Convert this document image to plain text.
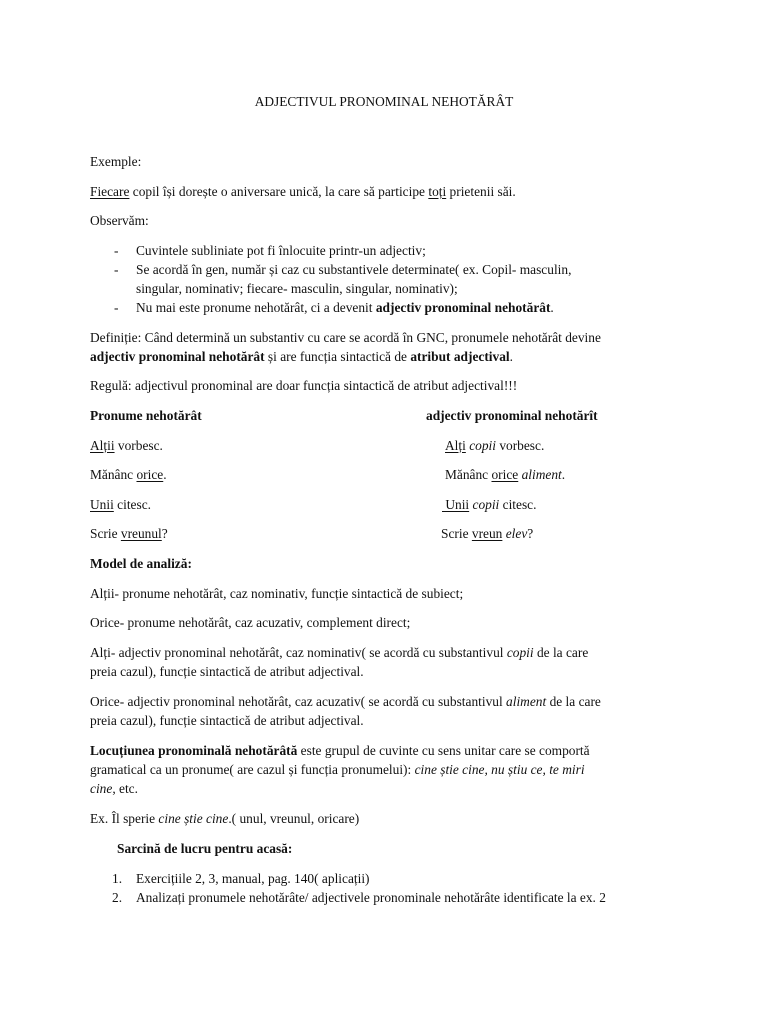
ADJECTIVUL PRONOMINAL NEHOTĂRÂT
Exemple:
Fiecare copil își dorește o aniversare unică, la care să participe toți prietenii săi.
Observăm:
-	Cuvintele subliniate pot fi înlocuite printr-un adjectiv;
-	Se acordă în gen, număr și caz cu substantivele determinate( ex. Copil- masculin,
singular, nominativ; fiecare- masculin, singular, nominativ);
-	Nu mai este pronume nehotărât, ci a devenit adjectiv pronominal nehotărât.
Definiție: Când determină un substantiv cu care se acordă în GNC, pronumele nehotărât devine
adjectiv pronominal nehotărât și are funcția sintactică de atribut adjectival.
Regulă: adjectivul pronominal are doar funcția sintactică de atribut adjectival!!!
Pronume nehotărât	adjectiv pronominal nehotărît
Alții vorbesc.	Alți copii vorbesc.
Mănânc orice.	Mănânc orice aliment.
Unii citesc.	Unii copii citesc.
Scrie vreunul?	Scrie vreun elev?
Model de analiză:
Alții- pronume nehotărât, caz nominativ, funcție sintactică de subiect;
Orice- pronume nehotărât, caz acuzativ, complement direct;
Alți- adjectiv pronominal nehotărât, caz nominativ( se acordă cu substantivul copii de la care
preia cazul), funcție sintactică de atribut adjectival.
Orice- adjectiv pronominal nehotărât, caz acuzativ( se acordă cu substantivul aliment de la care
preia cazul), funcție sintactică de atribut adjectival.
Locuțiunea pronominală nehotărâtă este grupul de cuvinte cu sens unitar care se comportă
gramatical ca un pronume( are cazul și funcția pronumelui): cine știe cine, nu știu ce, te miri
cine, etc.
Ex. Îl sperie cine știe cine.( unul, vreunul, oricare)
Sarcină de lucru pentru acasă:
1. Exercițiile 2, 3, manual, pag. 140( aplicații)
2. Analizați pronumele nehotărâte/ adjectivele pronominale nehotărâte identificate la ex. 2
